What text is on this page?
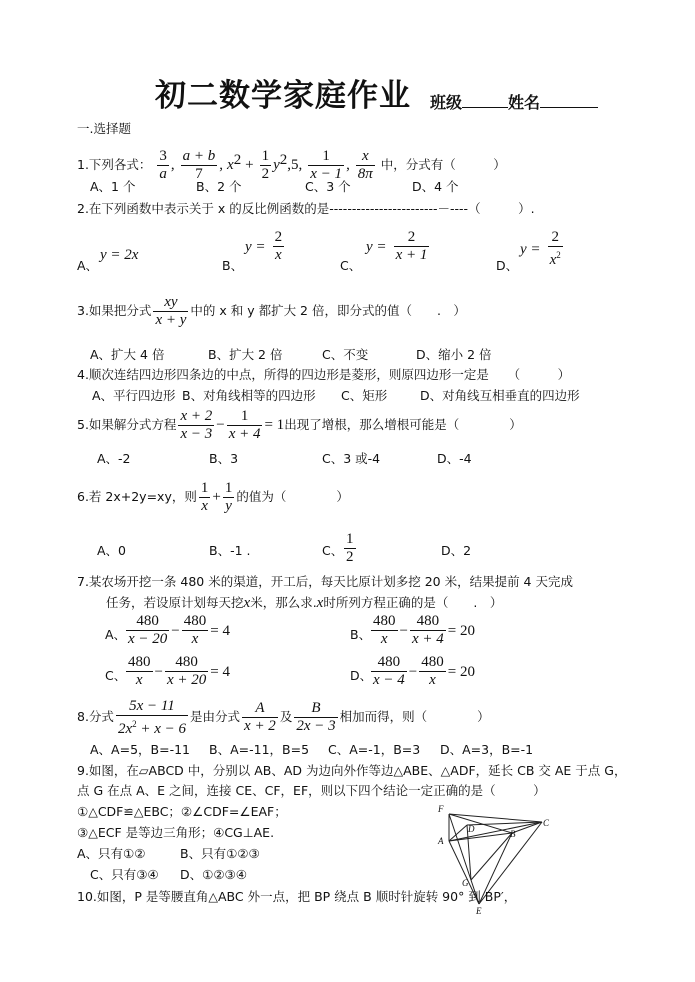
初二数学家庭作业 班级	姓名
一.选择题
1.下列各式： $\frac{3}{a}$ , $\frac{a + b}{7}$ , $x^2 + \frac{1}{2} y^2,5$, $\frac{1}{x - 1}$ , $\frac{x}{8\pi}$ 中，分式有（　　　）
A、1 个	B、2 个	C、3 个	D、4 个
2.在下列函数中表示关于 x 的反比例函数的是------------------------－----（　　　）.
A、
y = 2x
B、
$y = \frac{2}{x}$
C、
$y = \frac{2}{x + 1}$
D、
$y = \frac{2}{x^2}$
3.如果把分式 $\frac{xy}{x + y}$ 中的 x 和 y 都扩大 2 倍，即分式的值（　　.　）
A、扩大 4 倍	B、扩大 2 倍	C、不变	D、缩小 2 倍
4.顺次连结四边形四条边的中点，所得的四边形是菱形，则原四边形一定是　　（　　　）
A、平行四边形 B、对角线相等的四边形 C、矩形	D、对角线互相垂直的四边形
5.如果解分式方程 $\frac{x + 2}{x - 3} - \frac{1}{x + 4} = 1$出现了增根，那么增根可能是（　　　　）
A、-2	B、3	C、3 或-4	D、-4
6.若 2x+2y=xy，则 $\frac{1}{x} + \frac{1}{y}$ 的值为（　　　　）
A、0	B、-1 .	C、 $\frac{1}{2}$	D、2
7.某农场开挖一条 480 米的渠道，开工后，每天比原计划多挖 20 米，结果提前 4 天完成
任务，若设原计划每天挖x米，那么求.x时所列方程正确的是（　　.　）
A、 $\frac{480}{x - 20} - \frac{480}{x} = 4$	B、 $\frac{480}{x} - \frac{480}{x + 4} = 20$
C、 $\frac{480}{x} - \frac{480}{x + 20} = 4$	D、
$\frac{480}{x - 4} - \frac{480}{x} = 20$
8.分式 $\frac{5x - 11}{2x^2 + x - 6}$ 是由分式 $\frac{A}{x + 2}$ 及 $\frac{B}{2x - 3}$ 相加而得，则（　　　　）
A、A=5，B=-11 B、A=-11，B=5 C、A=-1，B=3 D、A=3，B=-1
9.如图，在▱ABCD 中，分别以 AB、AD 为边向外作等边△ABE、△ADF，延长 CB 交 AE 于点 G，
点 G 在点 A、E 之间，连接 CE、CF，EF，则以下四个结论一定正确的是（　　　）
①△CDF≌△EBC；②∠CDF=∠EAF；
③△ECF 是等边三角形；④CG⊥AE.
A、只有①②	B、只有①②③
C、只有③④ D、①②③④
F
D
C
B
A
G
E
10.如图，P 是等腰直角△ABC 外一点，把 BP 绕点 B 顺时针旋转 90° 到 BP′，
